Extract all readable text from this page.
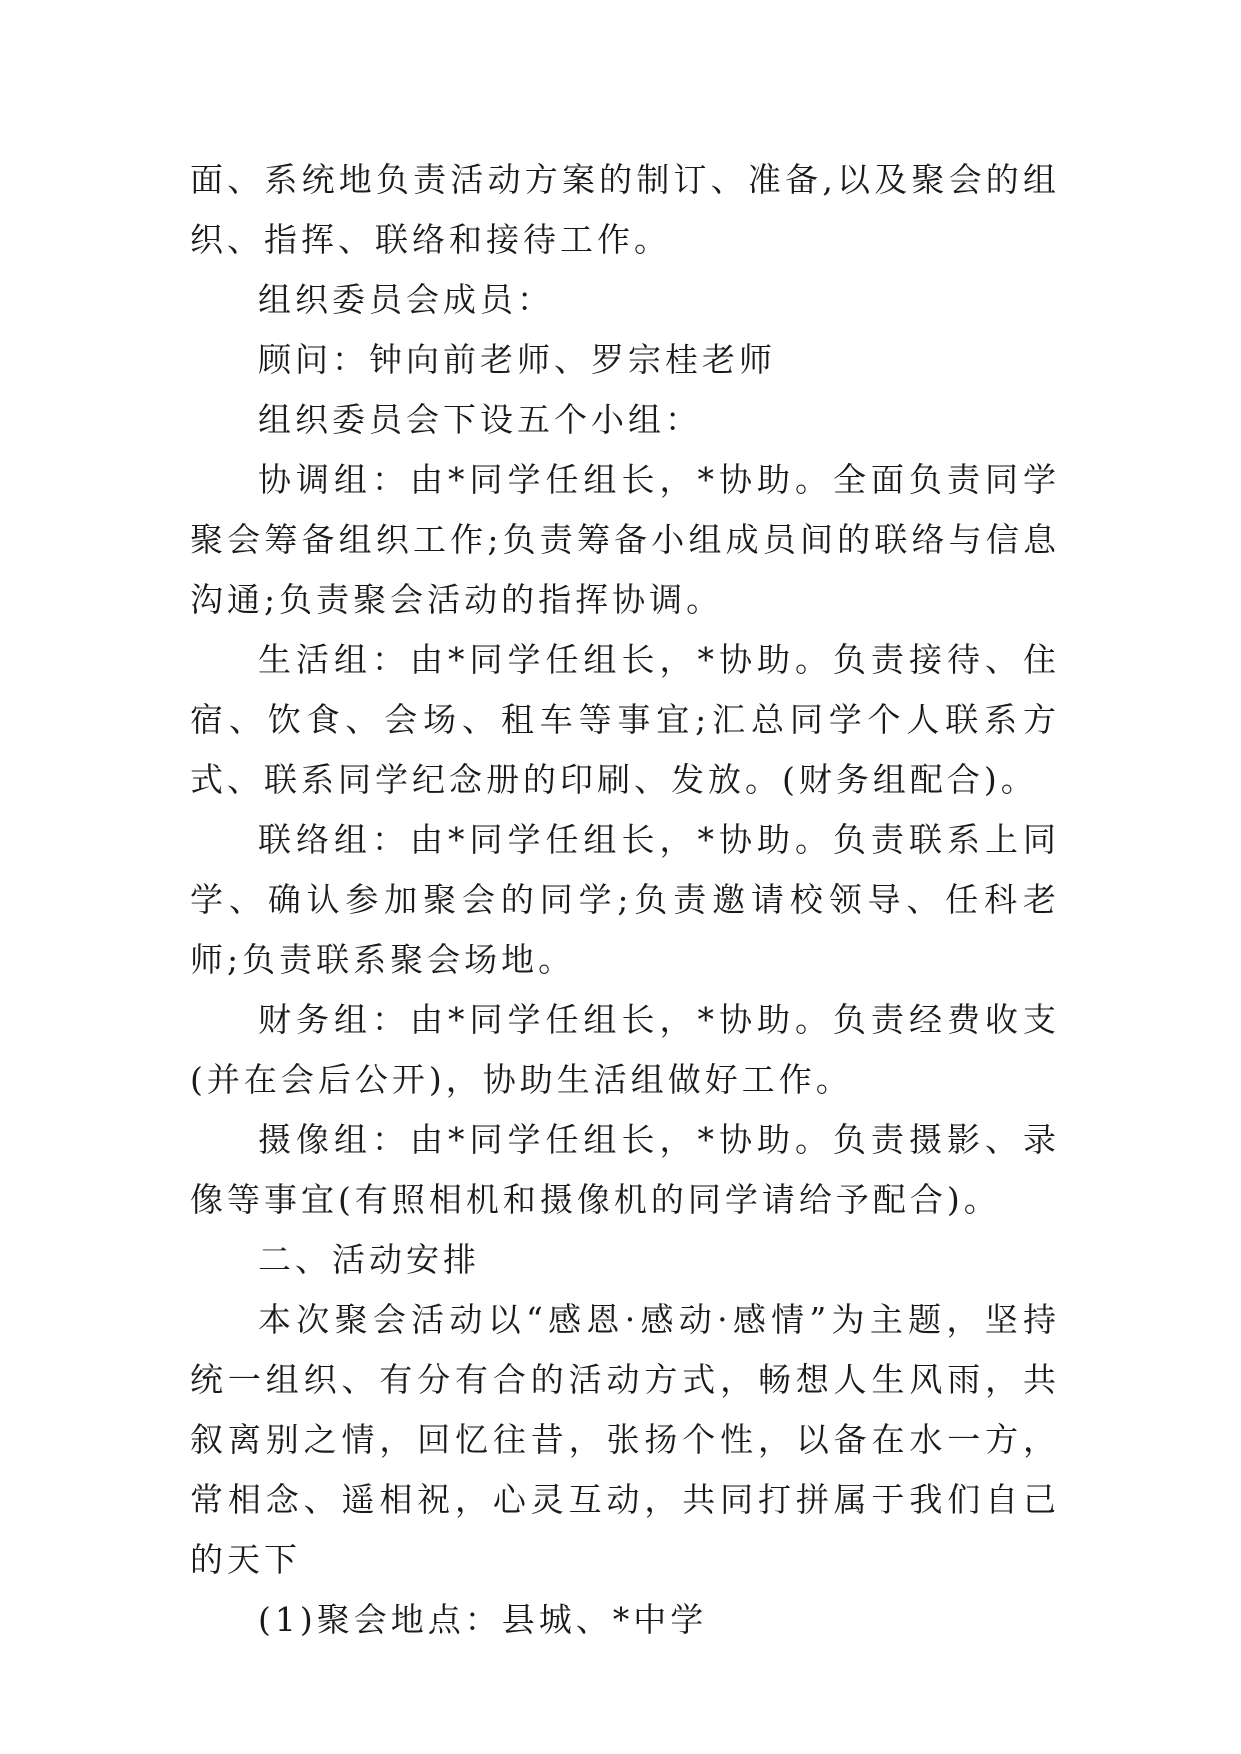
面、系统地负责活动方案的制订、准备,以及聚会的组织、指挥、联络和接待工作。

组织委员会成员：

顾问：钟向前老师、罗宗桂老师

组织委员会下设五个小组：

协调组：由*同学任组长，*协助。全面负责同学聚会筹备组织工作;负责筹备小组成员间的联络与信息沟通;负责聚会活动的指挥协调。

生活组：由*同学任组长，*协助。负责接待、住宿、饮食、会场、租车等事宜;汇总同学个人联系方式、联系同学纪念册的印刷、发放。(财务组配合)。

联络组：由*同学任组长，*协助。负责联系上同学、确认参加聚会的同学;负责邀请校领导、任科老师;负责联系聚会场地。

财务组：由*同学任组长，*协助。负责经费收支(并在会后公开)，协助生活组做好工作。

摄像组：由*同学任组长，*协助。负责摄影、录像等事宜(有照相机和摄像机的同学请给予配合)。

二、活动安排

本次聚会活动以“感恩·感动·感情”为主题，坚持统一组织、有分有合的活动方式，畅想人生风雨，共叙离别之情，回忆往昔，张扬个性，以备在水一方，常相念、遥相祝，心灵互动，共同打拼属于我们自己的天下

(1)聚会地点：县城、*中学
